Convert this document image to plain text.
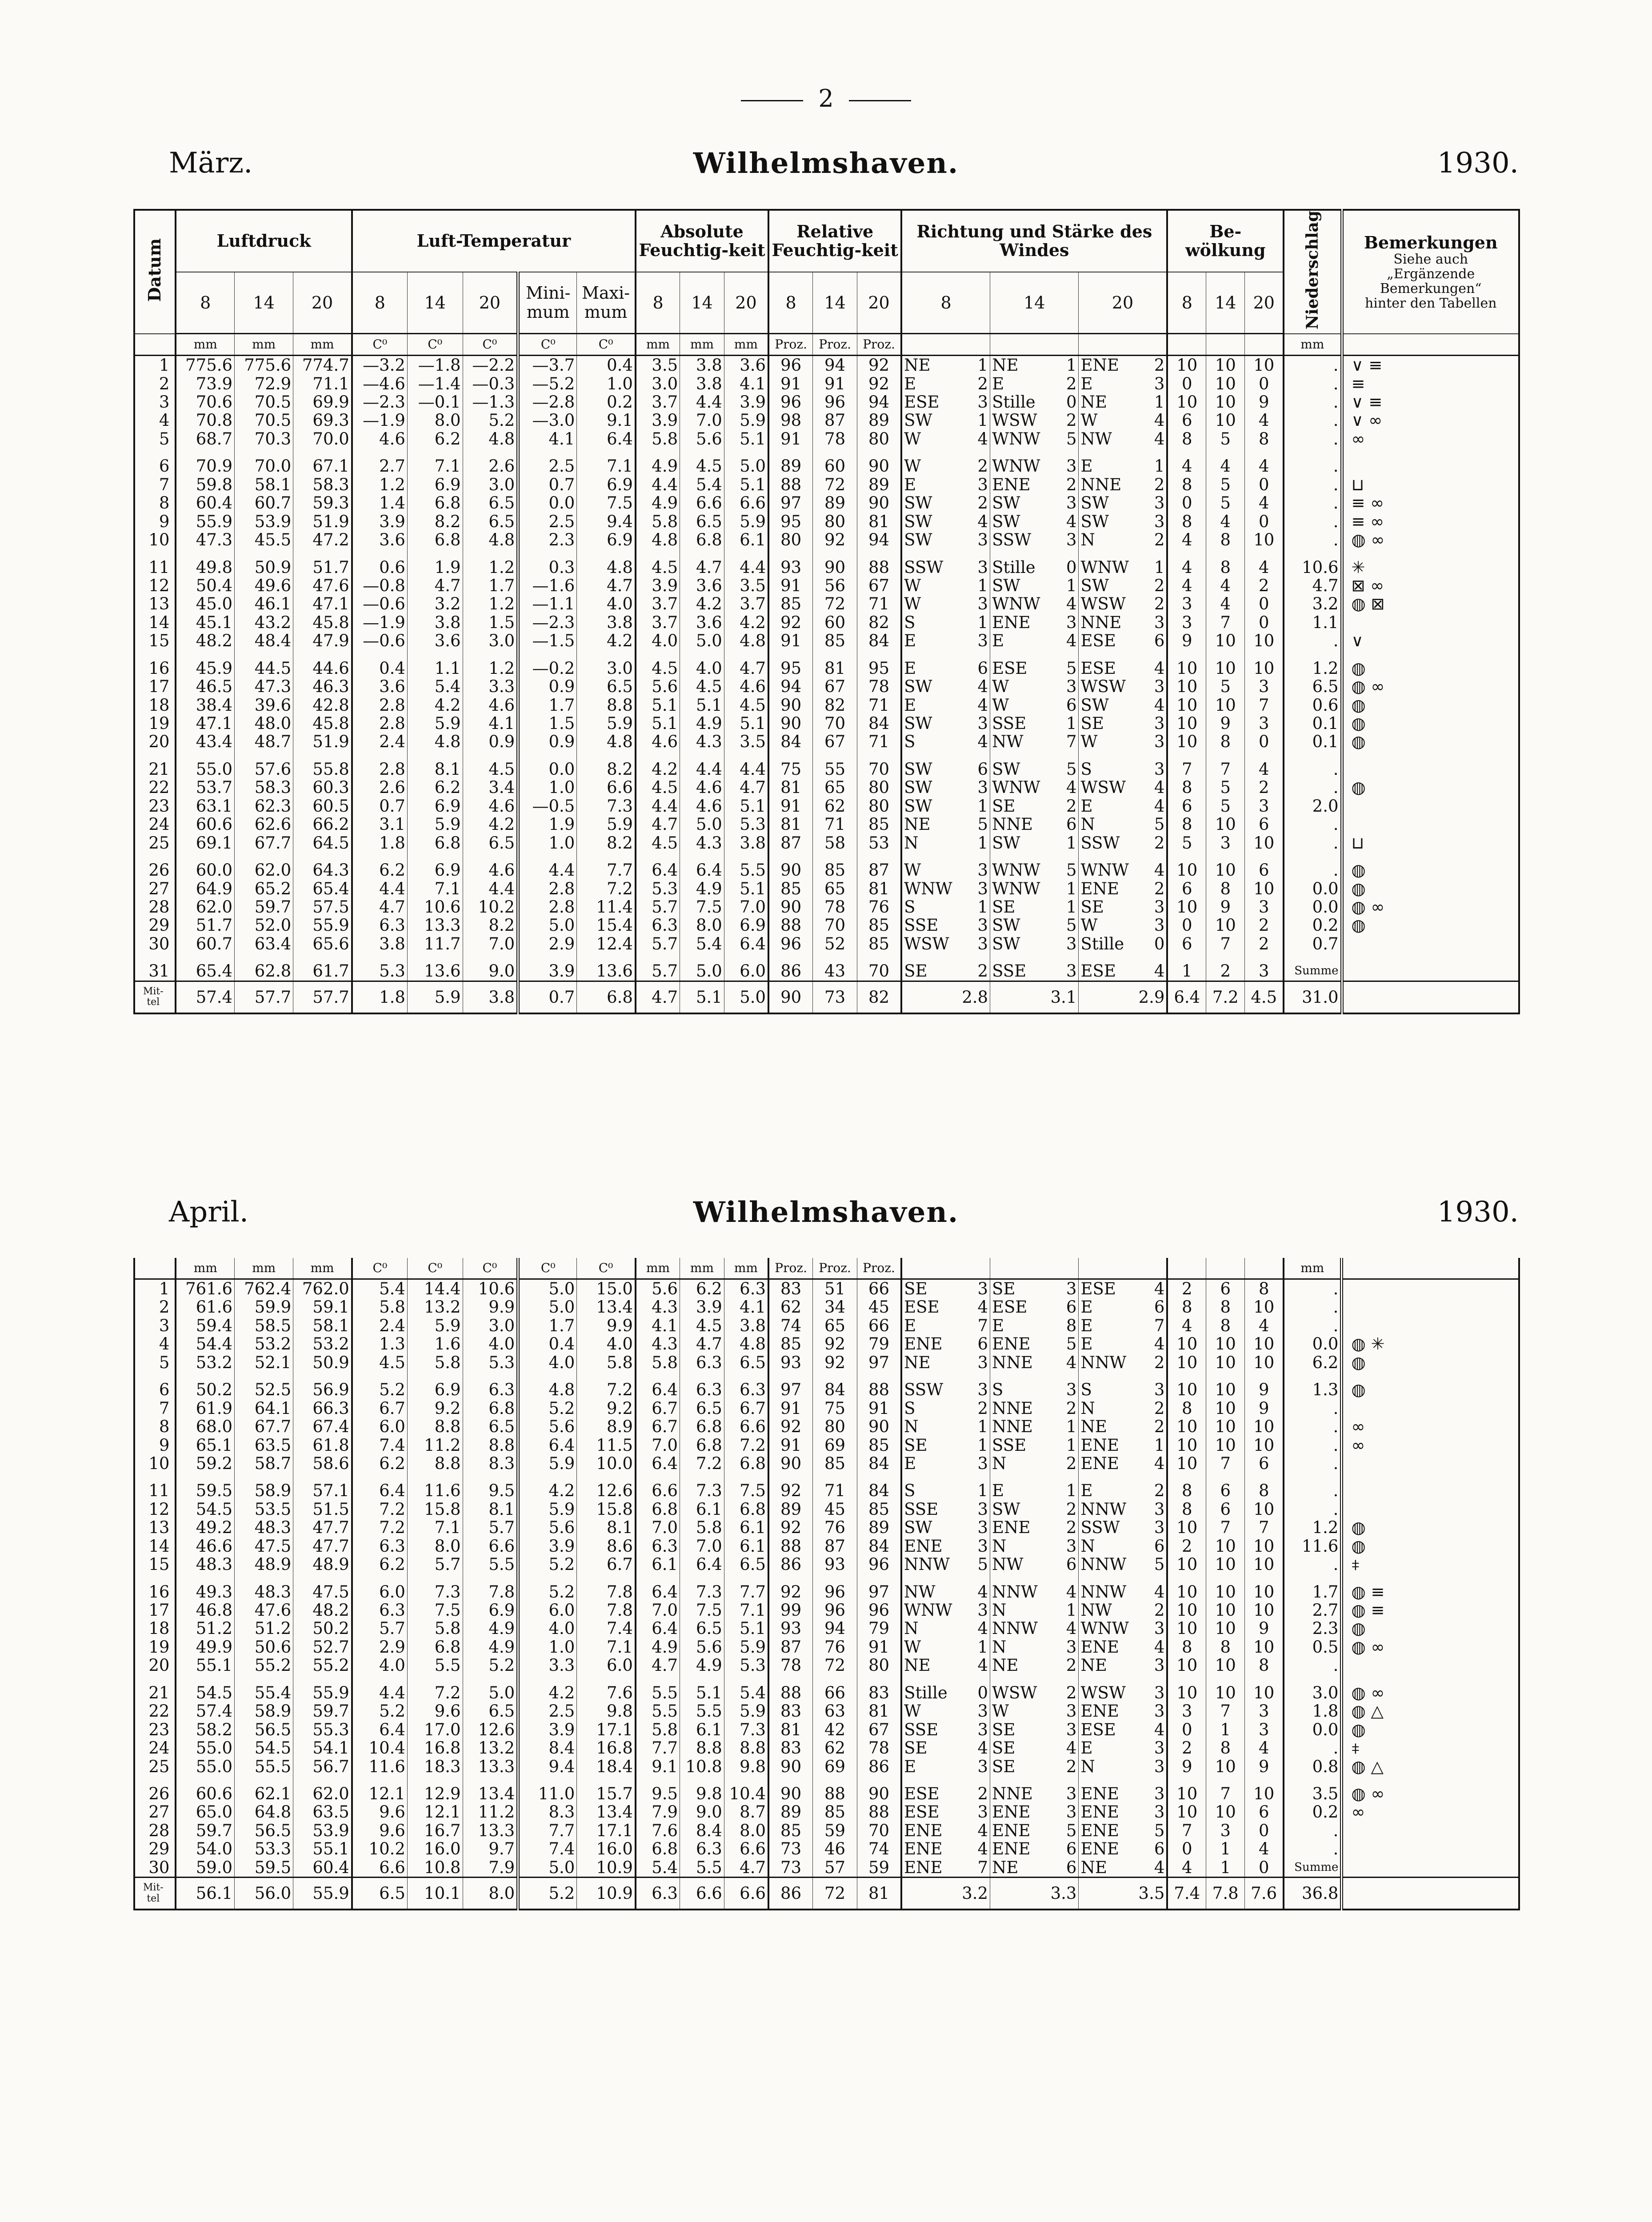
2
März.	Wilhelmshaven.	1930.
Datum	Luftdruck			Luft-Temperatur					Absolute Feuchtig-keit			Relative Feuchtig-keit			Richtung und Stärke des Windes			Be-wölkung			Niederschlag	Bemerkungen
Siehe auch
„Ergänzende Bemerkungen“
hinter den Tabellen

	8	14	20	8	14	20	Mini-mum	Maxi-mum	8	14	20	8	14	20	8	14	20	8	14	20		
	mm	mm	mm	C⁰	C⁰	C⁰	C⁰	C⁰	mm	mm	mm	Proz.	Proz.	Proz.							mm	
1	775.6	775.6	774.7	—3.2	—1.8	—2.2	—3.7	0.4	3.5	3.8	3.6	96	94	92	NE 1	NE 1	ENE 2	10	10	10	.	∨ ≡
2	73.9	72.9	71.1	—4.6	—1.4	—0.3	—5.2	1.0	3.0	3.8	4.1	91	91	92	E 2	E 2	E 3	0	10	0	.	≡
3	70.6	70.5	69.9	—2.3	—0.1	—1.3	—2.8	0.2	3.7	4.4	3.9	96	96	94	ESE 3	Stille 0	NE 1	10	10	9	.	∨ ≡
4	70.8	70.5	69.3	—1.9	8.0	5.2	—3.0	9.1	3.9	7.0	5.9	98	87	89	SW 1	WSW 2	W 4	6	10	4	.	∨ ∞
5	68.7	70.3	70.0	4.6	6.2	4.8	4.1	6.4	5.8	5.6	5.1	91	78	80	W 4	WNW 5	NW 4	8	5	8	.	∞
6	70.9	70.0	67.1	2.7	7.1	2.6	2.5	7.1	4.9	4.5	5.0	89	60	90	W 2	WNW 3	E 1	4	4	4	.	
7	59.8	58.1	58.3	1.2	6.9	3.0	0.7	6.9	4.4	5.4	5.1	88	72	89	E 3	ENE 2	NNE 2	8	5	0	.	⊔
8	60.4	60.7	59.3	1.4	6.8	6.5	0.0	7.5	4.9	6.6	6.6	97	89	90	SW 2	SW 3	SW 3	0	5	4	.	≡ ∞
9	55.9	53.9	51.9	3.9	8.2	6.5	2.5	9.4	5.8	6.5	5.9	95	80	81	SW 4	SW 4	SW 3	8	4	0	.	≡ ∞
10	47.3	45.5	47.2	3.6	6.8	4.8	2.3	6.9	4.8	6.8	6.1	80	92	94	SW 3	SSW 3	N 2	4	8	10	.	◍ ∞
11	49.8	50.9	51.7	0.6	1.9	1.2	0.3	4.8	4.5	4.7	4.4	93	90	88	SSW 3	Stille 0	WNW 1	4	8	4	10.6	✳
12	50.4	49.6	47.6	—0.8	4.7	1.7	—1.6	4.7	3.9	3.6	3.5	91	56	67	W 1	SW 1	SW 2	4	4	2	4.7	⊠ ∞
13	45.0	46.1	47.1	—0.6	3.2	1.2	—1.1	4.0	3.7	4.2	3.7	85	72	71	W 3	WNW 4	WSW 2	3	4	0	3.2	◍ ⊠
14	45.1	43.2	45.8	—1.9	3.8	1.5	—2.3	3.8	3.7	3.6	4.2	92	60	82	S 1	ENE 3	NNE 3	3	7	0	1.1	
15	48.2	48.4	47.9	—0.6	3.6	3.0	—1.5	4.2	4.0	5.0	4.8	91	85	84	E 3	E 4	ESE 6	9	10	10	.	∨
16	45.9	44.5	44.6	0.4	1.1	1.2	—0.2	3.0	4.5	4.0	4.7	95	81	95	E 6	ESE 5	ESE 4	10	10	10	1.2	◍
17	46.5	47.3	46.3	3.6	5.4	3.3	0.9	6.5	5.6	4.5	4.6	94	67	78	SW 4	W 3	WSW 3	10	5	3	6.5	◍ ∞
18	38.4	39.6	42.8	2.8	4.2	4.6	1.7	8.8	5.1	5.1	4.5	90	82	71	E 4	W 6	SW 4	10	10	7	0.6	◍
19	47.1	48.0	45.8	2.8	5.9	4.1	1.5	5.9	5.1	4.9	5.1	90	70	84	SW 3	SSE 1	SE 3	10	9	3	0.1	◍
20	43.4	48.7	51.9	2.4	4.8	0.9	0.9	4.8	4.6	4.3	3.5	84	67	71	S 4	NW 7	W 3	10	8	0	0.1	◍
21	55.0	57.6	55.8	2.8	8.1	4.5	0.0	8.2	4.2	4.4	4.4	75	55	70	SW 6	SW 5	S 3	7	7	4	.	
22	53.7	58.3	60.3	2.6	6.2	3.4	1.0	6.6	4.5	4.6	4.7	81	65	80	SW 3	WNW 4	WSW 4	8	5	2	.	◍
23	63.1	62.3	60.5	0.7	6.9	4.6	—0.5	7.3	4.4	4.6	5.1	91	62	80	SW 1	SE 2	E 4	6	5	3	2.0	
24	60.6	62.6	66.2	3.1	5.9	4.2	1.9	5.9	4.7	5.0	5.3	81	71	85	NE 5	NNE 6	N 5	8	10	6	.	
25	69.1	67.7	64.5	1.8	6.8	6.5	1.0	8.2	4.5	4.3	3.8	87	58	53	N 1	SW 1	SSW 2	5	3	10	.	⊔
26	60.0	62.0	64.3	6.2	6.9	4.6	4.4	7.7	6.4	6.4	5.5	90	85	87	W 3	WNW 5	WNW 4	10	10	6	.	◍
27	64.9	65.2	65.4	4.4	7.1	4.4	2.8	7.2	5.3	4.9	5.1	85	65	81	WNW 3	WNW 1	ENE 2	6	8	10	0.0	◍
28	62.0	59.7	57.5	4.7	10.6	10.2	2.8	11.4	5.7	7.5	7.0	90	78	76	S 1	SE 1	SE 3	10	9	3	0.0	◍ ∞
29	51.7	52.0	55.9	6.3	13.3	8.2	5.0	15.4	6.3	8.0	6.9	88	70	85	SSE 3	SW 5	W 3	0	10	2	0.2	◍
30	60.7	63.4	65.6	3.8	11.7	7.0	2.9	12.4	5.7	5.4	6.4	96	52	85	WSW 3	SW 3	Stille 0	6	7	2	0.7	
31	65.4	62.8	61.7	5.3	13.6	9.0	3.9	13.6	5.7	5.0	6.0	86	43	70	SE 2	SSE 3	ESE 4	1	2	3	Summe	
Mit-tel	57.4	57.7	57.7	1.8	5.9	3.8	0.7	6.8	4.7	5.1	5.0	90	73	82	2.8	3.1	2.9	6.4	7.2	4.5	31.0	
April.	Wilhelmshaven.	1930.
	mm	mm	mm	C⁰	C⁰	C⁰	C⁰	C⁰	mm	mm	mm	Proz.	Proz.	Proz.							mm	
1	761.6	762.4	762.0	5.4	14.4	10.6	5.0	15.0	5.6	6.2	6.3	83	51	66	SE 3	SE 3	ESE 4	2	6	8	.	
2	61.6	59.9	59.1	5.8	13.2	9.9	5.0	13.4	4.3	3.9	4.1	62	34	45	ESE 4	ESE 6	E 6	8	8	10	.	
3	59.4	58.5	58.1	2.4	5.9	3.0	1.7	9.9	4.1	4.5	3.8	74	65	66	E 7	E 8	E 7	4	8	4	.	
4	54.4	53.2	53.2	1.3	1.6	4.0	0.4	4.0	4.3	4.7	4.8	85	92	79	ENE 6	ENE 5	E 4	10	10	10	0.0	◍ ✳
5	53.2	52.1	50.9	4.5	5.8	5.3	4.0	5.8	5.8	6.3	6.5	93	92	97	NE 3	NNE 4	NNW 2	10	10	10	6.2	◍
6	50.2	52.5	56.9	5.2	6.9	6.3	4.8	7.2	6.4	6.3	6.3	97	84	88	SSW 3	S 3	S 3	10	10	9	1.3	◍
7	61.9	64.1	66.3	6.7	9.2	6.8	5.2	9.2	6.7	6.5	6.7	91	75	91	S 2	NNE 2	N 2	8	10	9	.	
8	68.0	67.7	67.4	6.0	8.8	6.5	5.6	8.9	6.7	6.8	6.6	92	80	90	N 1	NNE 1	NE 2	10	10	10	.	∞
9	65.1	63.5	61.8	7.4	11.2	8.8	6.4	11.5	7.0	6.8	7.2	91	69	85	SE 1	SSE 1	ENE 1	10	10	10	.	∞
10	59.2	58.7	58.6	6.2	8.8	8.3	5.9	10.0	6.4	7.2	6.8	90	85	84	E 3	N 2	ENE 4	10	7	6	.	
11	59.5	58.9	57.1	6.4	11.6	9.5	4.2	12.6	6.6	7.3	7.5	92	71	84	S 1	E 1	E 2	8	6	8	.	
12	54.5	53.5	51.5	7.2	15.8	8.1	5.9	15.8	6.8	6.1	6.8	89	45	85	SSE 3	SW 2	NNW 3	8	6	10	.	
13	49.2	48.3	47.7	7.2	7.1	5.7	5.6	8.1	7.0	5.8	6.1	92	76	89	SW 3	ENE 2	SSW 3	10	7	7	1.2	◍
14	46.6	47.5	47.7	6.3	8.0	6.6	3.9	8.6	6.3	7.0	6.1	88	87	84	ENE 3	N 3	N 6	2	10	10	11.6	◍
15	48.3	48.9	48.9	6.2	5.7	5.5	5.2	6.7	6.1	6.4	6.5	86	93	96	NNW 5	NW 6	NNW 5	10	10	10	.	⧧
16	49.3	48.3	47.5	6.0	7.3	7.8	5.2	7.8	6.4	7.3	7.7	92	96	97	NW 4	NNW 4	NNW 4	10	10	10	1.7	◍ ≡
17	46.8	47.6	48.2	6.3	7.5	6.9	6.0	7.8	7.0	7.5	7.1	99	96	96	WNW 3	N 1	NW 2	10	10	10	2.7	◍ ≡
18	51.2	51.2	50.2	5.7	5.8	4.9	4.0	7.4	6.4	6.5	5.1	93	94	79	N 4	NNW 4	WNW 3	10	10	9	2.3	◍
19	49.9	50.6	52.7	2.9	6.8	4.9	1.0	7.1	4.9	5.6	5.9	87	76	91	W 1	N 3	ENE 4	8	8	10	0.5	◍ ∞
20	55.1	55.2	55.2	4.0	5.5	5.2	3.3	6.0	4.7	4.9	5.3	78	72	80	NE 4	NE 2	NE 3	10	10	8	.	
21	54.5	55.4	55.9	4.4	7.2	5.0	4.2	7.6	5.5	5.1	5.4	88	66	83	Stille 0	WSW 2	WSW 3	10	10	10	3.0	◍ ∞
22	57.4	58.9	59.7	5.2	9.6	6.5	2.5	9.8	5.5	5.5	5.9	83	63	81	W 3	W 3	ENE 3	3	7	3	1.8	◍ △
23	58.2	56.5	55.3	6.4	17.0	12.6	3.9	17.1	5.8	6.1	7.3	81	42	67	SSE 3	SE 3	ESE 4	0	1	3	0.0	◍
24	55.0	54.5	54.1	10.4	16.8	13.2	8.4	16.8	7.7	8.8	8.8	83	62	78	SE 4	SE 4	E 3	2	8	4	.	⧧
25	55.0	55.5	56.7	11.6	18.3	13.3	9.4	18.4	9.1	10.8	9.8	90	69	86	E 3	SE 2	N 3	9	10	9	0.8	◍ △
26	60.6	62.1	62.0	12.1	12.9	13.4	11.0	15.7	9.5	9.8	10.4	90	88	90	ESE 2	NNE 3	ENE 3	10	7	10	3.5	◍ ∞
27	65.0	64.8	63.5	9.6	12.1	11.2	8.3	13.4	7.9	9.0	8.7	89	85	88	ESE 3	ENE 3	ENE 3	10	10	6	0.2	∞
28	59.7	56.5	53.9	9.6	16.7	13.3	7.7	17.1	7.6	8.4	8.0	85	59	70	ENE 4	ENE 5	ENE 5	7	3	0	.	
29	54.0	53.3	55.1	10.2	16.0	9.7	7.4	16.0	6.8	6.3	6.6	73	46	74	ENE 4	ENE 6	ENE 6	0	1	4	.	
30	59.0	59.5	60.4	6.6	10.8	7.9	5.0	10.9	5.4	5.5	4.7	73	57	59	ENE 7	NE 6	NE 4	4	1	0	Summe	
Mit-tel	56.1	56.0	55.9	6.5	10.1	8.0	5.2	10.9	6.3	6.6	6.6	86	72	81	3.2	3.3	3.5	7.4	7.8	7.6	36.8	
